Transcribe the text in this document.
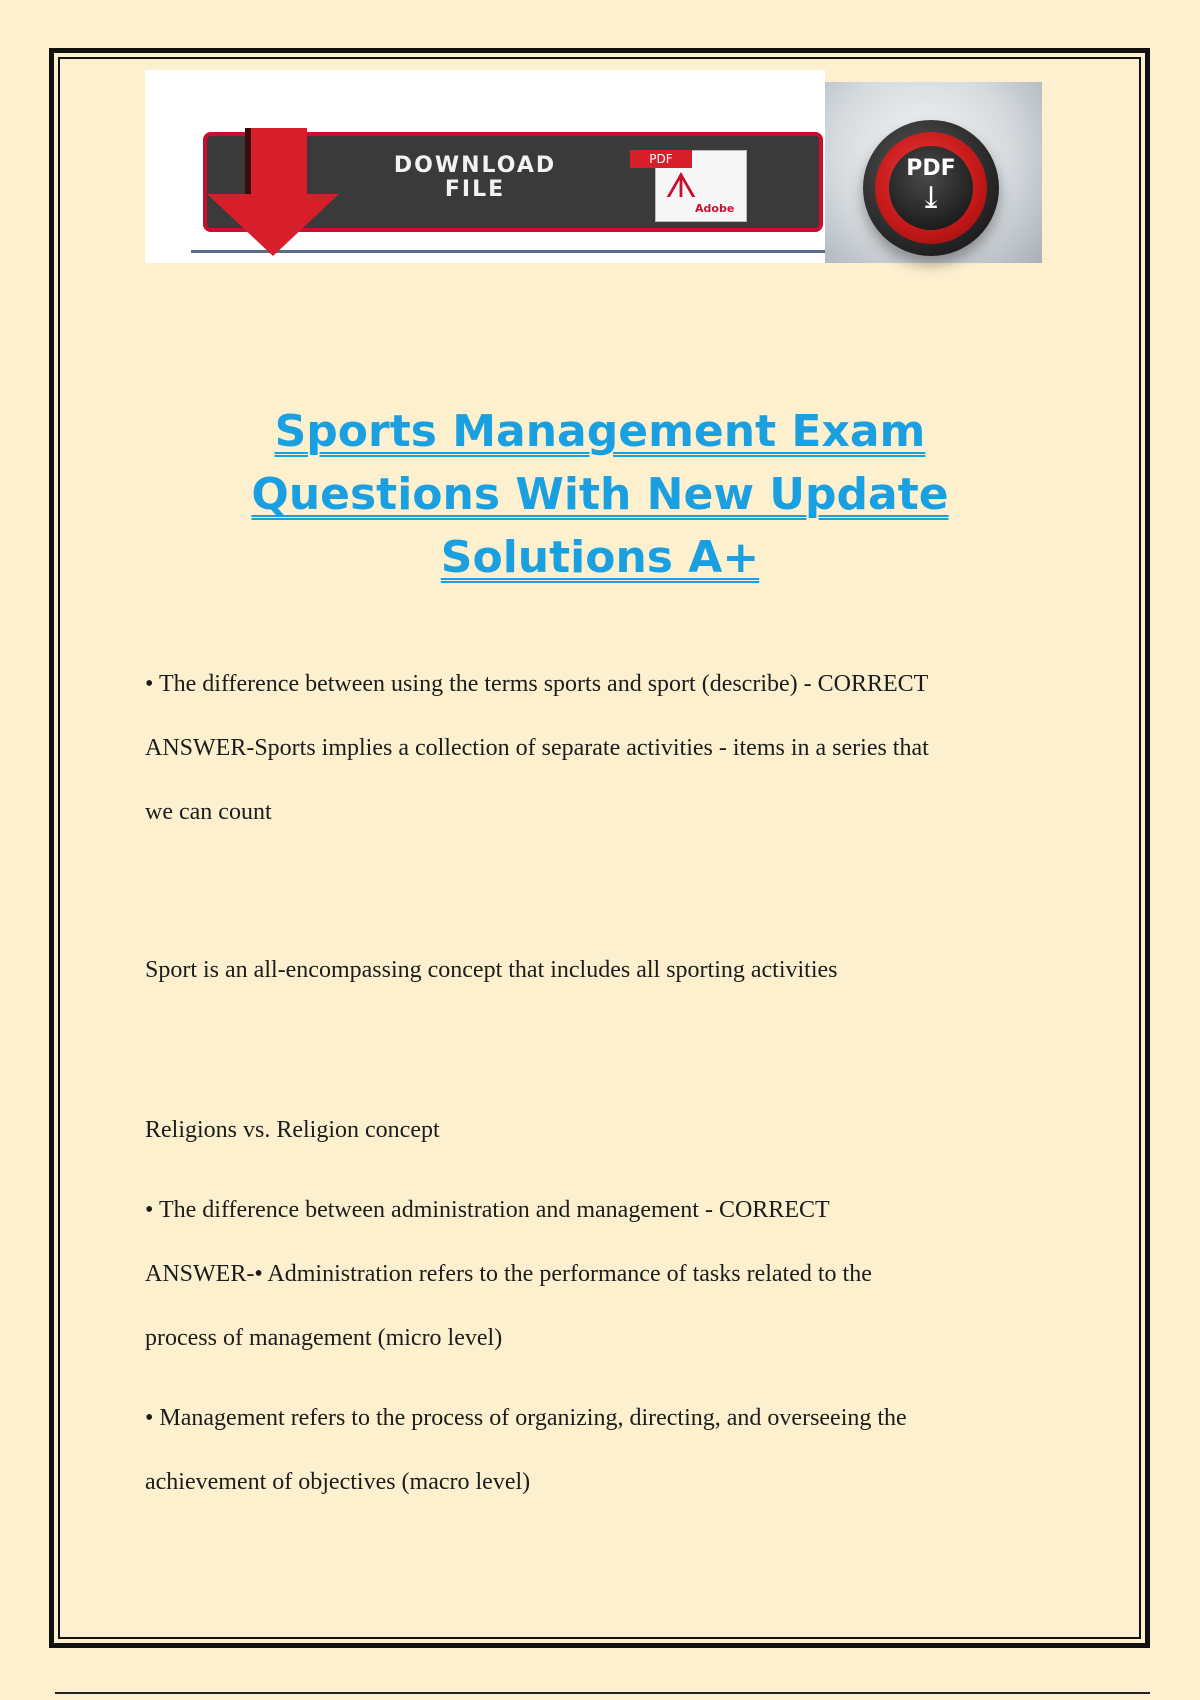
DOWNLOAD
FILE
PDF
ᗑ
Adobe
PDF
⤓
Sports Management Exam
Questions With New Update
Solutions A+
• The difference between using the terms sports and sport (describe) - CORRECT
ANSWER-Sports implies a collection of separate activities - items in a series that
we can count
Sport is an all-encompassing concept that includes all sporting activities
Religions vs. Religion concept
• The difference between administration and management - CORRECT
ANSWER-• Administration refers to the performance of tasks related to the
process of management (micro level)
• Management refers to the process of organizing, directing, and overseeing the
achievement of objectives (macro level)
